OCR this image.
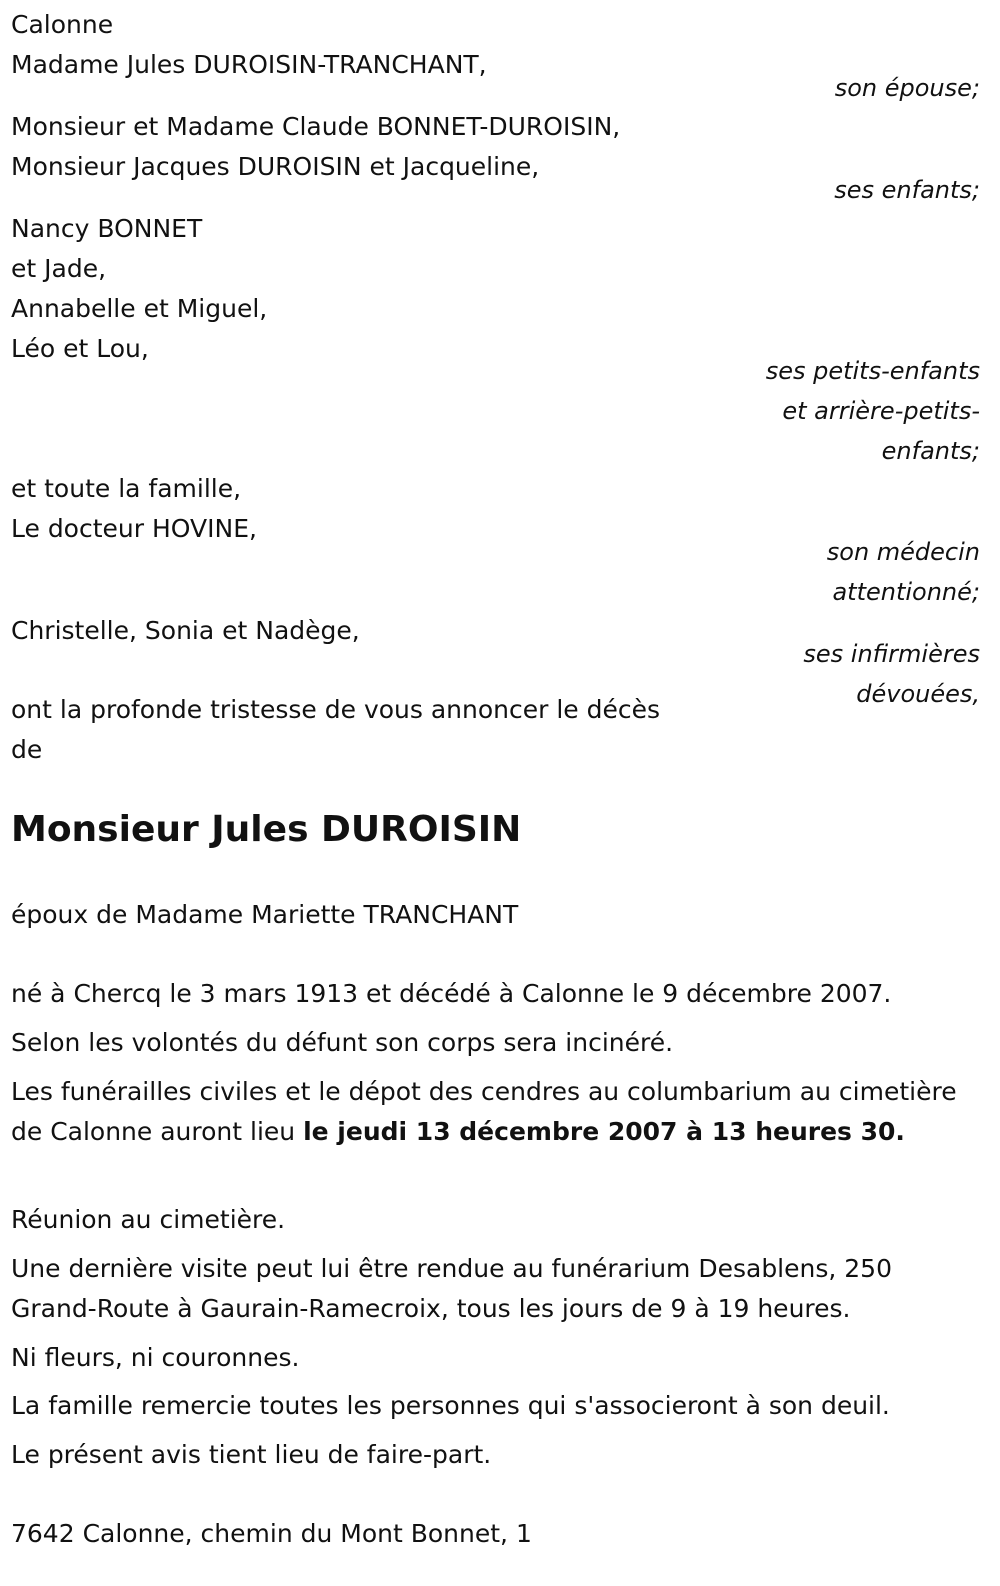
Calonne
Madame Jules DUROISIN-TRANCHANT,
son épouse;
Monsieur et Madame Claude BONNET-DUROISIN,
Monsieur Jacques DUROISIN et Jacqueline,
ses enfants;
Nancy BONNET
et Jade,
Annabelle et Miguel,
Léo et Lou,
ses petits-enfants
et arrière-petits-
enfants;
et toute la famille,
Le docteur HOVINE,
son médecin
attentionné;
Christelle, Sonia et Nadège,
ses infirmières
dévouées,
ont la profonde tristesse de vous annoncer le décès
de
Monsieur Jules DUROISIN
époux de Madame Mariette TRANCHANT
né à Chercq le 3 mars 1913 et décédé à Calonne le 9 décembre 2007.
Selon les volontés du défunt son corps sera incinéré.
Les funérailles civiles et le dépot des cendres au columbarium au cimetière de Calonne auront lieu le jeudi 13 décembre 2007 à 13 heures 30.
Réunion au cimetière.
Une dernière visite peut lui être rendue au funérarium Desablens, 250 Grand-Route à Gaurain-Ramecroix, tous les jours de 9 à 19 heures.
Ni fleurs, ni couronnes.
La famille remercie toutes les personnes qui s'associeront à son deuil.
Le présent avis tient lieu de faire-part.
7642 Calonne, chemin du Mont Bonnet, 1
